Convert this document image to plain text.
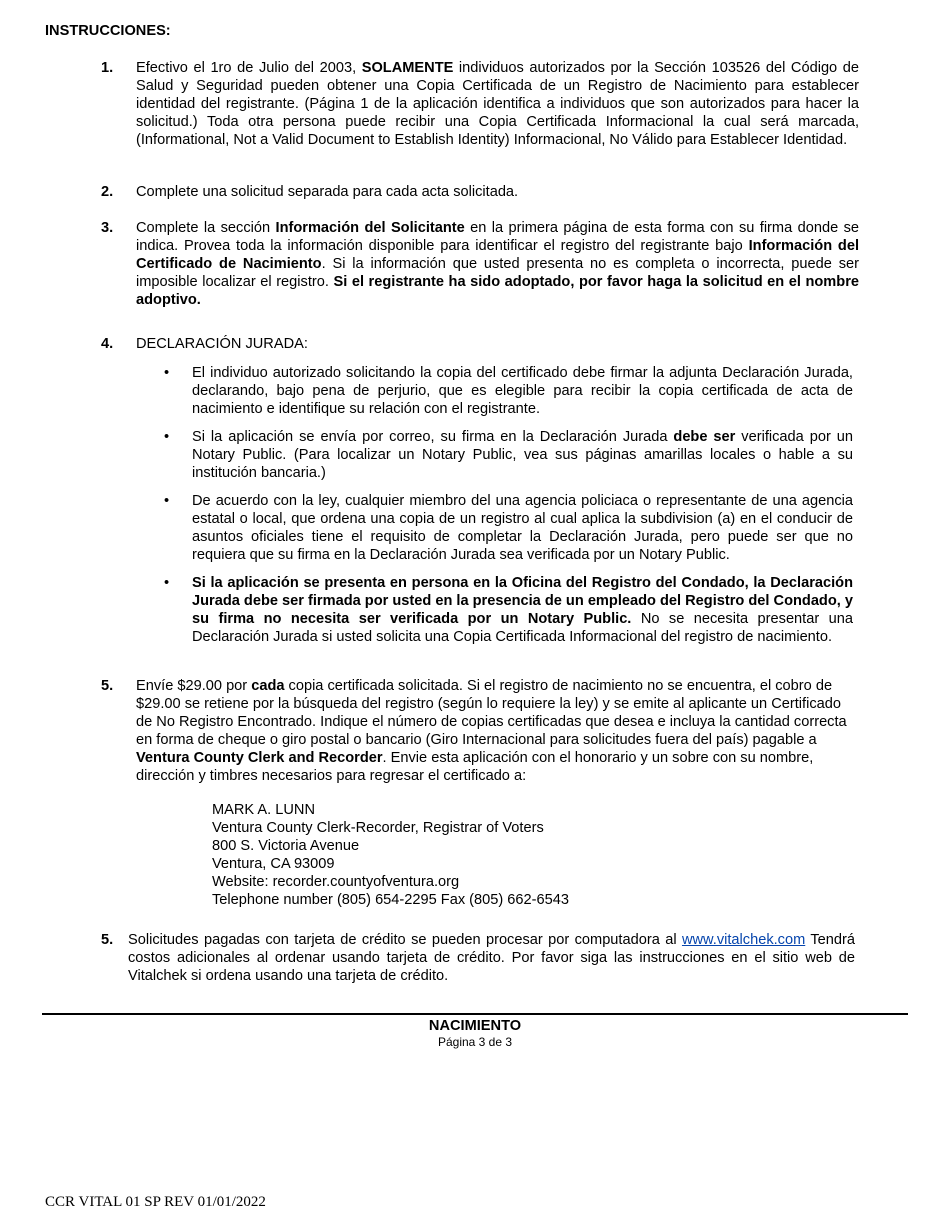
INSTRUCCIONES:
1. Efectivo el 1ro de Julio del 2003, SOLAMENTE individuos autorizados por la Sección 103526 del Código de Salud y Seguridad pueden obtener una Copia Certificada de un Registro de Nacimiento para establecer identidad del registrante. (Página 1 de la aplicación identifica a individuos que son autorizados para hacer la solicitud.) Toda otra persona puede recibir una Copia Certificada Informacional la cual será marcada, (Informational, Not a Valid Document to Establish Identity) Informacional, No Válido para Establecer Identidad.
2. Complete una solicitud separada para cada acta solicitada.
3. Complete la sección Información del Solicitante en la primera página de esta forma con su firma donde se indica. Provea toda la información disponible para identificar el registro del registrante bajo Información del Certificado de Nacimiento. Si la información que usted presenta no es completa o incorrecta, puede ser imposible localizar el registro. Si el registrante ha sido adoptado, por favor haga la solicitud en el nombre adoptivo.
4. DECLARACIÓN JURADA:
• El individuo autorizado solicitando la copia del certificado debe firmar la adjunta Declaración Jurada, declarando, bajo pena de perjurio, que es elegible para recibir la copia certificada de acta de nacimiento e identifique su relación con el registrante.
• Si la aplicación se envía por correo, su firma en la Declaración Jurada debe ser verificada por un Notary Public. (Para localizar un Notary Public, vea sus páginas amarillas locales o hable a su institución bancaria.)
• De acuerdo con la ley, cualquier miembro del una agencia policiaca o representante de una agencia estatal o local, que ordena una copia de un registro al cual aplica la subdivision (a) en el conducir de asuntos oficiales tiene el requisito de completar la Declaración Jurada, pero puede ser que no requiera que su firma en la Declaración Jurada sea verificada por un Notary Public.
• Si la aplicación se presenta en persona en la Oficina del Registro del Condado, la Declaración Jurada debe ser firmada por usted en la presencia de un empleado del Registro del Condado, y su firma no necesita ser verificada por un Notary Public. No se necesita presentar una Declaración Jurada si usted solicita una Copia Certificada Informacional del registro de nacimiento.
5. Envíe $29.00 por cada copia certificada solicitada. Si el registro de nacimiento no se encuentra, el cobro de $29.00 se retiene por la búsqueda del registro (según lo requiere la ley) y se emite al aplicante un Certificado de No Registro Encontrado. Indique el número de copias certificadas que desea e incluya la cantidad correcta en forma de cheque o giro postal o bancario (Giro Internacional para solicitudes fuera del país) pagable a Ventura County Clerk and Recorder. Envie esta aplicación con el honorario y un sobre con su nombre, dirección y timbres necesarios para regresar el certificado a:
MARK A. LUNN
Ventura County Clerk-Recorder, Registrar of Voters
800 S. Victoria Avenue
Ventura, CA 93009
Website: recorder.countyofventura.org
Telephone number (805) 654-2295 Fax (805) 662-6543
5. Solicitudes pagadas con tarjeta de crédito se pueden procesar por computadora al www.vitalchek.com Tendrá costos adicionales al ordenar usando tarjeta de crédito. Por favor siga las instrucciones en el sitio web de Vitalchek si ordena usando una tarjeta de crédito.
NACIMIENTO
Página 3 de 3
CCR VITAL 01 SP REV 01/01/2022
